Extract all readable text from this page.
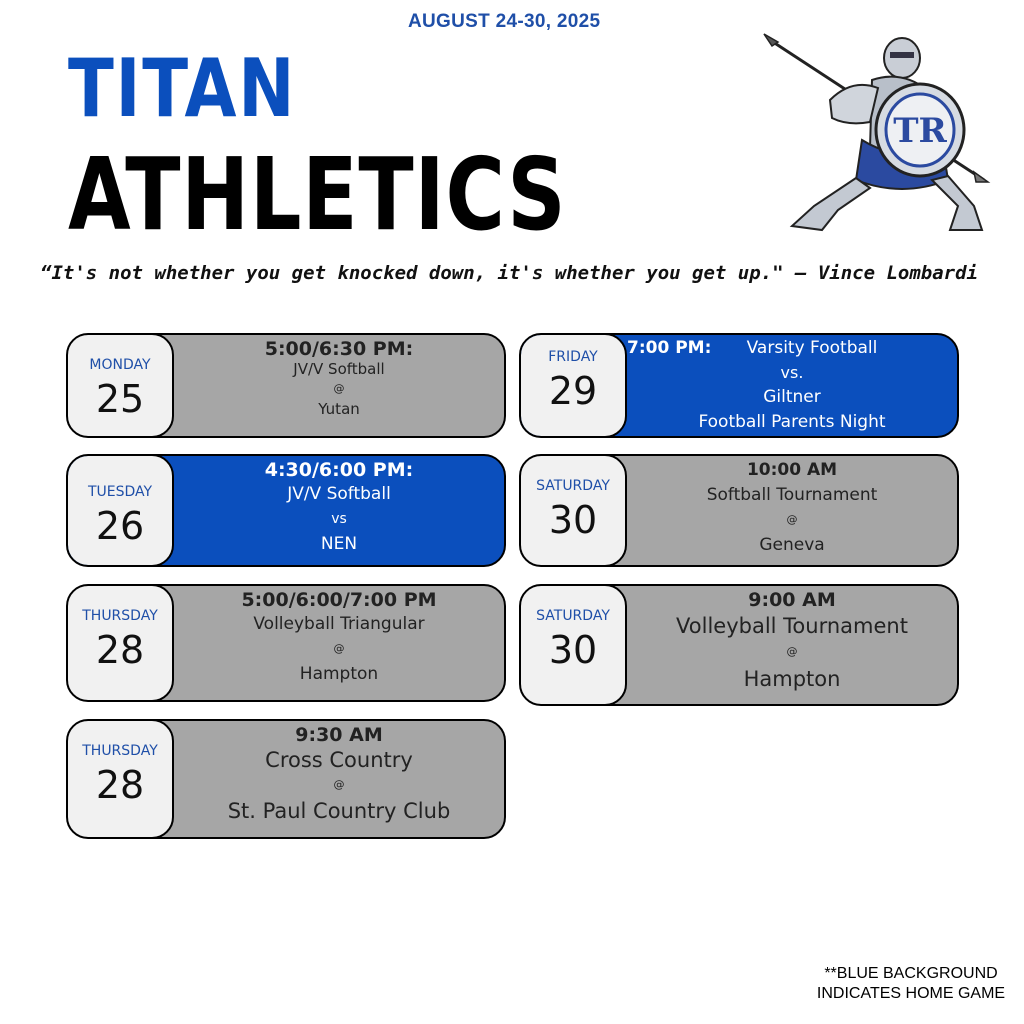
AUGUST 24-30, 2025
TITAN
ATHLETICS
TR
“It's not whether you get knocked down, it's whether you get up." – Vince Lombardi
MONDAY
25
5:00/6:30 PM:
JV/V Softball
@
Yutan
TUESDAY
26
4:30/6:00 PM:
JV/V Softball
vs
NEN
THURSDAY
28
5:00/6:00/7:00 PM
Volleyball Triangular
@
Hampton
THURSDAY
28
9:30 AM
Cross Country
@
St. Paul Country Club
FRIDAY
29
7:00 PM: Varsity Football
vs.
Giltner
Football Parents Night
SATURDAY
30
10:00 AM
Softball Tournament
@
Geneva
SATURDAY
30
9:00 AM
Volleyball Tournament
@
Hampton
**BLUE BACKGROUND
INDICATES HOME GAME
